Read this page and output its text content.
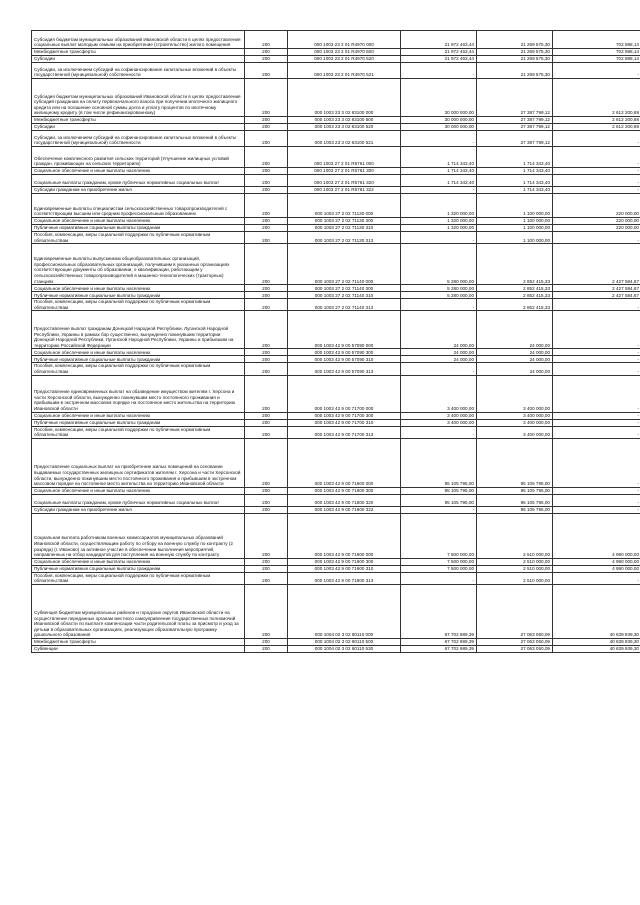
Субсидия бюджетам муниципальных образований Ивановской области в целях предоставления социальных выплат молодым семьям на приобретение (строительство) жилого помещения	200	000 1003 23 2 01 R4970 000	21 972 463,44	21 269 575,30	702 888,14
Межбюджетные трансферты	200	000 1003 23 2 01 R4970 500	21 972 463,44	21 269 575,30	702 888,14
Субсидии	200	000 1003 23 2 01 R4970 520	21 972 463,44	21 269 575,30	702 888,14
Субсидии, за исключением субсидий на софинансирование капитальных вложений в объекты государственной (муниципальной) собственности	200	000 1003 23 2 01 R4970 521	-	21 269 575,30	-
Субсидия бюджетам муниципальных образований Ивановской области в целях предоставления субсидий гражданам на оплату первоначального взноса при получении ипотечного жилищного кредита или на погашение основной суммы долга и уплату процентов по ипотечному жилищному кредиту (в том числе рефинансированному)	200	000 1003 23 3 02 83100 000	30 000 000,00	27 387 799,12	2 612 200,88
Межбюджетные трансферты	200	000 1003 23 3 02 83100 500	30 000 000,00	27 387 799,12	2 612 200,88
Субсидии	200	000 1003 23 3 02 83100 520	30 000 000,00	27 387 799,12	2 612 200,88
Субсидии, за исключением субсидий на софинансирование капитальных вложений в объекты государственной (муниципальной) собственности	200	000 1003 23 3 02 83100 521	-	27 387 799,12	-
Обеспечение комплексного развития сельских территорий (Улучшение жилищных условий граждан, проживающих на сельских территориях)	200	000 1003 27 2 01 R5761 000	1 714 343,40	1 714 343,40	-
Социальное обеспечение и иные выплаты населению	200	000 1003 27 2 01 R5761 300	1 714 343,40	1 714 343,40	-
Социальные выплаты гражданам, кроме публичных нормативных социальных выплат	200	000 1003 27 2 01 R5761 320	1 714 343,40	1 714 343,40	-
Субсидии гражданам на приобретение жилья	200	000 1003 27 2 01 R5761 322	-	1 714 343,40	-
Единовременные выплаты специалистам сельскохозяйственных товаропроизводителей с соответствующим высшим или средним профессиональным образованием	200	000 1003 27 2 02 71130 000	1 320 000,00	1 100 000,00	220 000,00
Социальное обеспечение и иные выплаты населению	200	000 1003 27 2 02 71130 300	1 320 000,00	1 100 000,00	220 000,00
Публичные нормативные социальные выплаты гражданам	200	000 1003 27 2 02 71130 310	1 320 000,00	1 100 000,00	220 000,00
Пособия, компенсации, меры социальной поддержки по публичным нормативным обязательствам	200	000 1003 27 2 02 71130 313	-	1 100 000,00	-
Единовременные выплаты выпускникам общеобразовательных организаций, профессиональных образовательных организаций, получившим в указанных организациях соответствующие документы об образовании, о квалификации, работающим у сельскохозяйственных товаропроизводителей в машинно-технологических (тракторных) станциях	200	000 1003 27 2 02 71140 000	5 280 000,00	2 852 415,33	2 427 584,67
Социальное обеспечение и иные выплаты населению	200	000 1003 27 2 02 71140 300	5 280 000,00	2 852 415,33	2 427 584,67
Публичные нормативные социальные выплаты гражданам	200	000 1003 27 2 02 71140 310	5 280 000,00	2 852 415,33	2 427 584,67
Пособия, компенсации, меры социальной поддержки по публичным нормативным обязательствам	200	000 1003 27 2 02 71140 313	-	2 852 415,33	-
Предоставление выплат гражданам Донецкой Народной Республики, Луганской Народной Республики, Украины в рамках бор существенно, вынужденно покинувшим территории Донецкой Народной Республики, Луганской Народной Республики, Украины и прибывшим на территорию Российской Федерации	200	000 1003 42 9 00 57090 000	24 000,00	24 000,00	-
Социальное обеспечение и иные выплаты населению	200	000 1003 42 9 00 57090 300	24 000,00	24 000,00	-
Публичные нормативные социальные выплаты гражданам	200	000 1003 42 9 00 57090 310	24 000,00	24 000,00	-
Пособия, компенсации, меры социальной поддержки по публичным нормативным обязательствам	200	000 1003 42 9 00 57090 313	-	24 000,00	-
Предоставление единовременных выплат на обзаведение имуществом жителям г. Херсона и части Херсонской области, вынужденно покинувшим место постоянного проживания и прибывшим в экстренном массовом порядке на постоянное место жительства на территорию Ивановской области	200	000 1003 42 9 00 71700 000	3 400 000,00	3 400 000,00	-
Социальное обеспечение и иные выплаты населению	200	000 1003 42 9 00 71700 300	3 400 000,00	3 400 000,00	-
Публичные нормативные социальные выплаты гражданам	200	000 1003 42 9 00 71700 310	3 400 000,00	3 400 000,00	-
Пособия, компенсации, меры социальной поддержки по публичным нормативным обязательствам	200	000 1003 42 9 00 71700 313	-	3 400 000,00	-
Предоставление социальных выплат на приобретение жилых помещений на основании выдаваемых государственных жилищных сертификатов жителям г. Херсона и части Херсонской области, вынужденно покинувшим место постоянного проживания и прибывшим в экстренном массовом порядке на постоянное место жительства на территорию Ивановской области	200	000 1003 42 9 00 71800 000	95 105 795,00	95 105 795,00	-
Социальное обеспечение и иные выплаты населению	200	000 1003 42 9 00 71800 300	95 105 795,00	95 105 795,00	-
Социальные выплаты гражданам, кроме публичных нормативных социальных выплат	200	000 1003 42 9 00 71800 320	95 105 795,00	95 105 795,00	-
Субсидии гражданам на приобретение жилья	200	000 1003 42 9 00 71800 322	-	95 105 795,00	-
Социальная выплата работникам военных комиссариатов муниципальных образований Ивановской области, осуществляющим работу по отбору на военную службу по контракту (2 разряда) (г. Иваново) за активное участие в обеспечении выполнения мероприятий, направленных на отбор кандидатов для поступления на военную службу по контракту	200	000 1003 42 9 00 71900 000	7 500 000,00	2 510 000,00	4 990 000,00
Социальное обеспечение и иные выплаты населению	200	000 1003 42 9 00 71900 300	7 500 000,00	2 510 000,00	4 990 000,00
Публичные нормативные социальные выплаты гражданам	200	000 1003 42 9 00 71900 310	7 500 000,00	2 510 000,00	4 990 000,00
Пособия, компенсации, меры социальной поддержки по публичным нормативным обязательствам	200	000 1003 42 9 00 71900 313	-	2 510 000,00	-
Субвенция бюджетам муниципальных районов и городских округов Ивановской области на осуществление переданных органам местного самоуправления государственных полномочий Ивановской области по выплате компенсации части родительской платы за присмотр и уход за детьми в образовательных организациях, реализующих образовательную программу дошкольного образования	200	000 1004 02 3 02 80110 000	67 702 989,39	27 063 050,09	40 639 939,30
Межбюджетные трансферты	200	000 1004 02 3 02 80110 500	67 702 989,39	27 063 050,09	40 639 939,30
Субвенции	200	000 1004 02 3 02 80110 530	67 702 989,39	27 063 050,09	40 639 939,30
